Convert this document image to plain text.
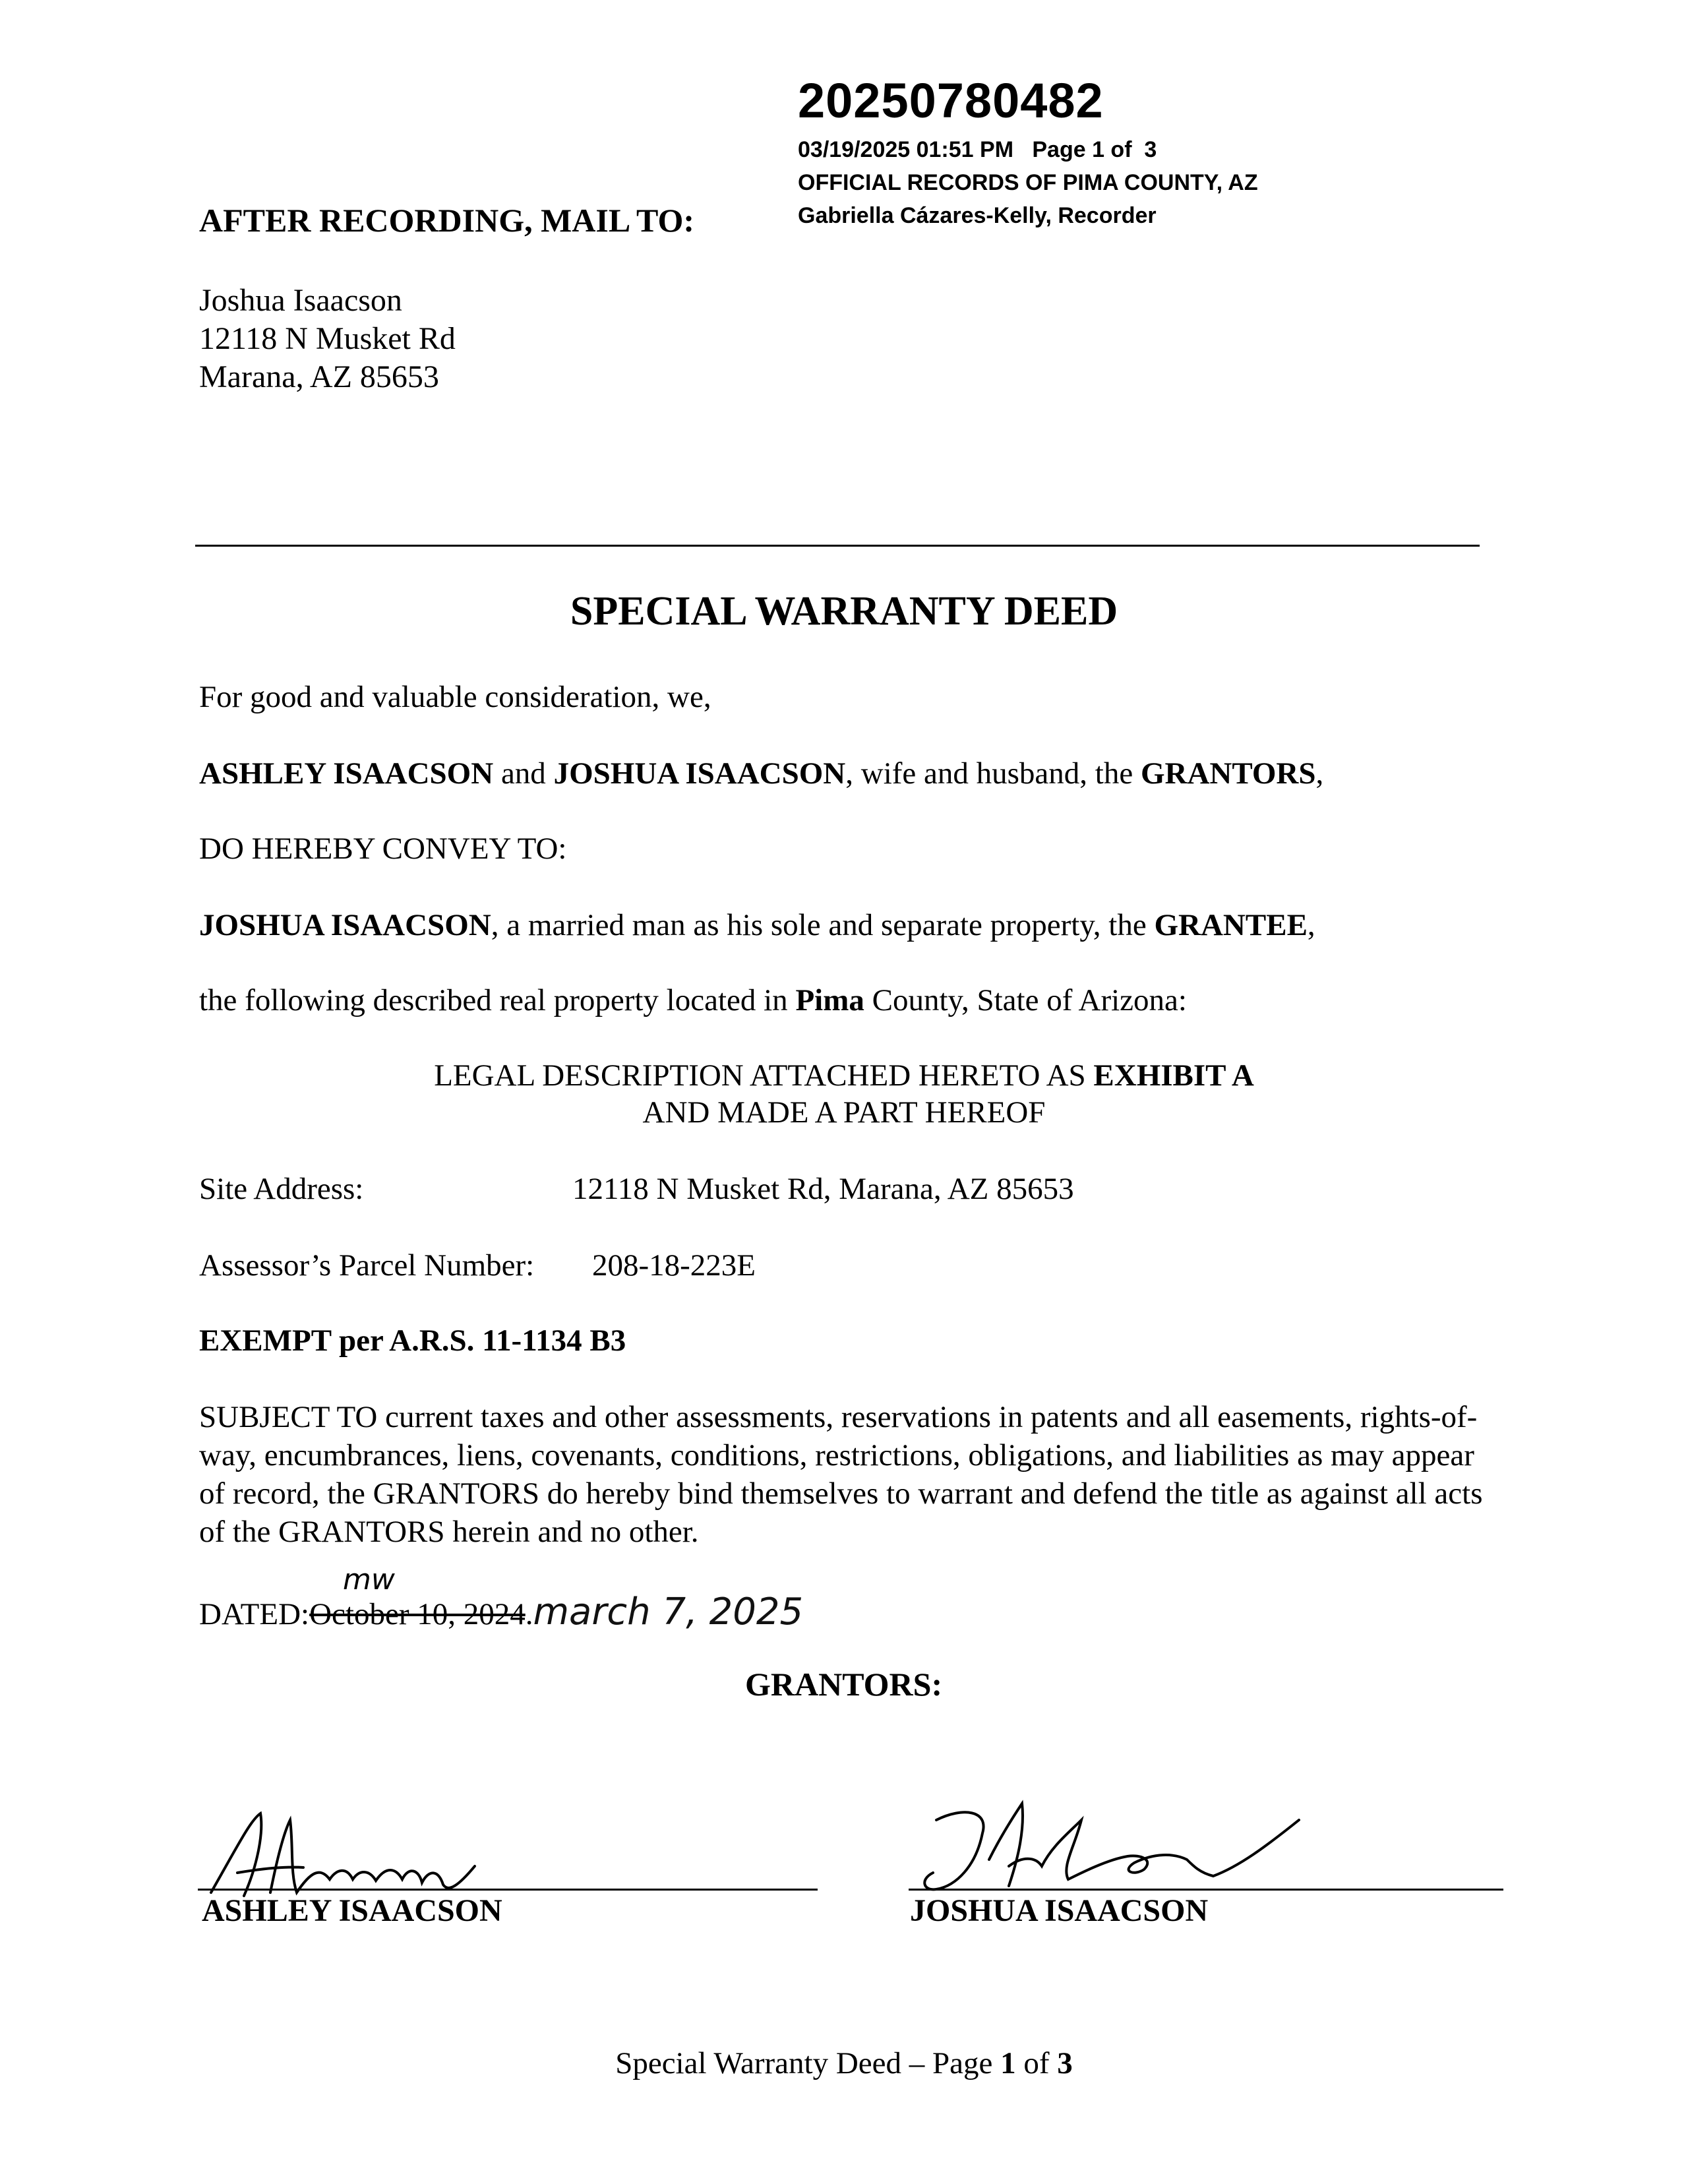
20250780482
03/19/2025 01:51 PM   Page 1 of  3
OFFICIAL RECORDS OF PIMA COUNTY, AZ
Gabriella Cázares-Kelly, Recorder
AFTER RECORDING, MAIL TO:
Joshua Isaacson
12118 N Musket Rd
Marana, AZ 85653
SPECIAL WARRANTY DEED
For good and valuable consideration, we,
ASHLEY ISAACSON and JOSHUA ISAACSON, wife and husband, the GRANTORS,
DO HEREBY CONVEY TO:
JOSHUA ISAACSON, a married man as his sole and separate property, the GRANTEE,
the following described real property located in Pima County, State of Arizona:
LEGAL DESCRIPTION ATTACHED HERETO AS EXHIBIT A
AND MADE A PART HEREOF
Site Address:	12118 N Musket Rd, Marana, AZ 85653
Assessor’s Parcel Number: 208-18-223E
EXEMPT per A.R.S. 11-1134 B3
SUBJECT TO current taxes and other assessments, reservations in patents and all easements, rights-of-way, encumbrances, liens, covenants, conditions, restrictions, obligations, and liabilities as may appear of record, the GRANTORS do hereby bind themselves to warrant and defend the title as against all acts of the GRANTORS herein and no other.
mw
DATED:October 10, 2024.march 7, 2025
GRANTORS:
ASHLEY ISAACSON	JOSHUA ISAACSON
Special Warranty Deed – Page 1 of 3
